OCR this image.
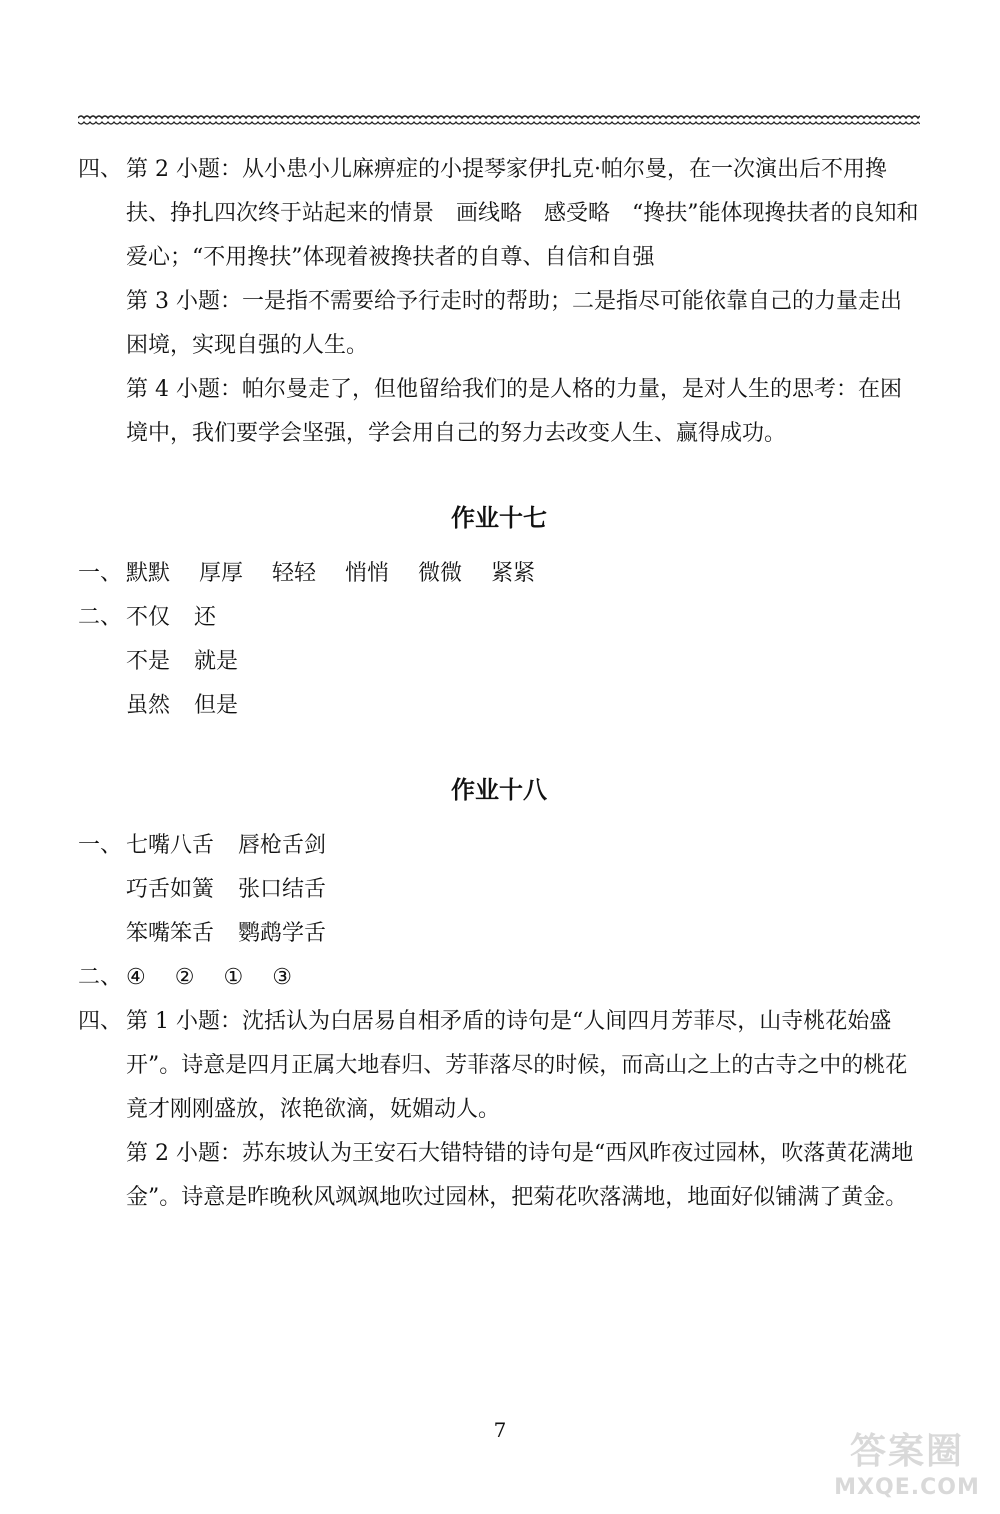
四、 第 2 小题：从小患小儿麻痹症的小提琴家伊扎克·帕尔曼，在一次演出后不用搀扶、挣扎四次终于站起来的情景　画线略　感受略　“搀扶”能体现搀扶者的良知和爱心；“不用搀扶”体现着被搀扶者的自尊、自信和自强
第 3 小题：一是指不需要给予行走时的帮助；二是指尽可能依靠自己的力量走出困境，实现自强的人生。
第 4 小题：帕尔曼走了，但他留给我们的是人格的力量，是对人生的思考：在困境中，我们要学会坚强，学会用自己的努力去改变人生、赢得成功。
作业十七
一、 默默 厚厚 轻轻 悄悄 微微 紧紧
二、 不仅 还
不是 就是
虽然 但是
作业十八
一、 七嘴八舌 唇枪舌剑
巧舌如簧 张口结舌
笨嘴笨舌 鹦鹉学舌
二、 ④ ② ① ③
四、 第 1 小题：沈括认为白居易自相矛盾的诗句是“人间四月芳菲尽，山寺桃花始盛开”。诗意是四月正属大地春归、芳菲落尽的时候，而高山之上的古寺之中的桃花竟才刚刚盛放，浓艳欲滴，妩媚动人。
第 2 小题：苏东坡认为王安石大错特错的诗句是“西风昨夜过园林，吹落黄花满地金”。诗意是昨晚秋风飒飒地吹过园林，把菊花吹落满地，地面好似铺满了黄金。
7
答案圈
MXQE.COM
